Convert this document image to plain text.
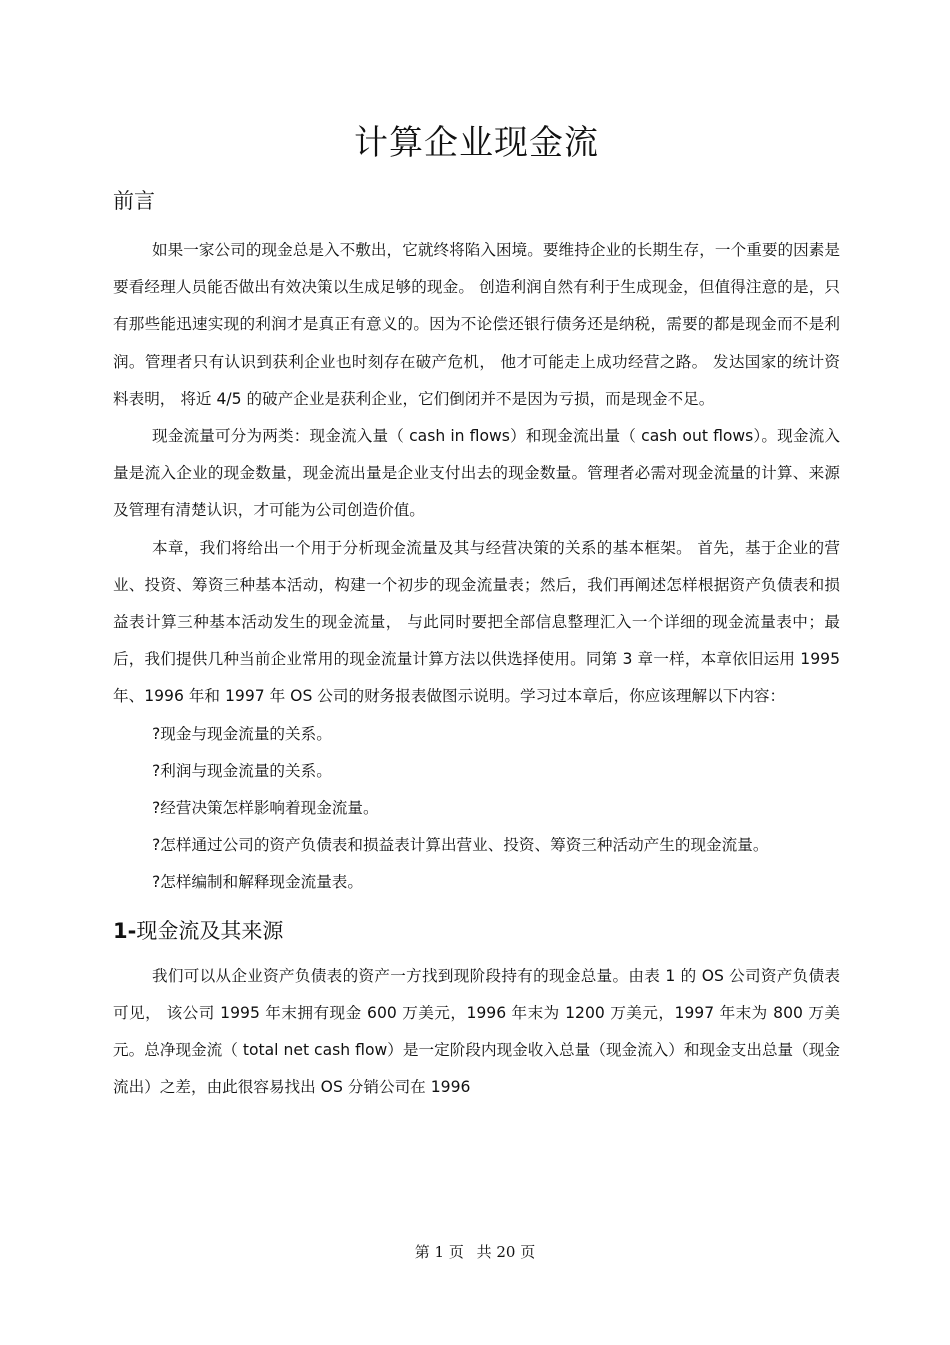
计算企业现金流
前言

如果一家公司的现金总是入不敷出，它就终将陷入困境。要维持企业的长期生存，一个重要的因素是要看经理人员能否做出有效决策以生成足够的现金。 创造利润自然有利于生成现金，但值得注意的是，只有那些能迅速实现的利润才是真正有意义的。因为不论偿还银行债务还是纳税，需要的都是现金而不是利润。管理者只有认识到获利企业也时刻存在破产危机， 他才可能走上成功经营之路。 发达国家的统计资料表明， 将近 4/5 的破产企业是获利企业，它们倒闭并不是因为亏损，而是现金不足。

现金流量可分为两类：现金流入量（ cash in flows）和现金流出量（ cash out flows）。现金流入量是流入企业的现金数量，现金流出量是企业支付出去的现金数量。管理者必需对现金流量的计算、来源及管理有清楚认识，才可能为公司创造价值。

本章，我们将给出一个用于分析现金流量及其与经营决策的关系的基本框架。 首先，基于企业的营业、投资、筹资三种基本活动，构建一个初步的现金流量表；然后，我们再阐述怎样根据资产负债表和损益表计算三种基本活动发生的现金流量， 与此同时要把全部信息整理汇入一个详细的现金流量表中；最后，我们提供几种当前企业常用的现金流量计算方法以供选择使用。同第 3 章一样，本章依旧运用 1995 年、1996 年和 1997 年 OS 公司的财务报表做图示说明。学习过本章后，你应该理解以下内容：

?现金与现金流量的关系。

?利润与现金流量的关系。

?经营决策怎样影响着现金流量。

?怎样通过公司的资产负债表和损益表计算出营业、投资、筹资三种活动产生的现金流量。

?怎样编制和解释现金流量表。

1-现金流及其来源

我们可以从企业资产负债表的资产一方找到现阶段持有的现金总量。由表 1 的 OS 公司资产负债表可见， 该公司 1995 年末拥有现金 600 万美元，1996 年末为 1200 万美元，1997 年末为 800 万美元。总净现金流（ total net cash flow）是一定阶段内现金收入总量（现金流入）和现金支出总量（现金流出）之差，由此很容易找出 OS 分销公司在 1996

第 1 页 共 20 页
